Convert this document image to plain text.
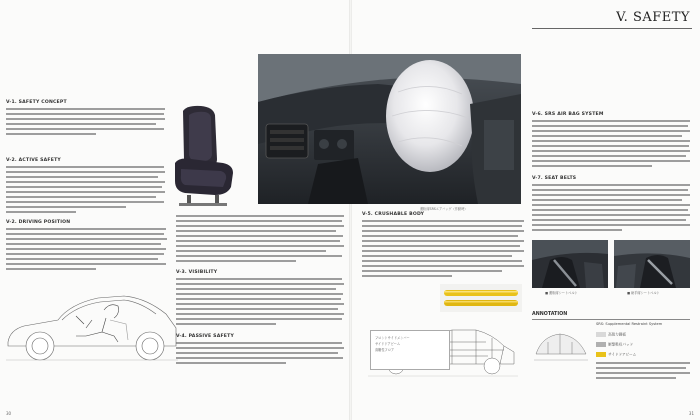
V-1. SAFETY CONCEPT
V-2. ACTIVE SAFETY
V-2. DRIVING POSITION
V-3. VISIBILITY
V-4. PASSIVE SAFETY
V. SAFETY
運転席SRSエアバッグ（作動時）
V-5. CRUSHABLE BODY
フロントサイドメンバー
サイドドアビーム
高剛性フロア
V-6. SRS AIR BAG SYSTEM
V-7. SEAT BELTS
■ 運転席シートベルト	■ 助手席シートベルト
ANNOTATION
SRS: Supplemental Restraint System
高張力鋼板
衝撃吸収パッド
サイドドアビーム
30	31
